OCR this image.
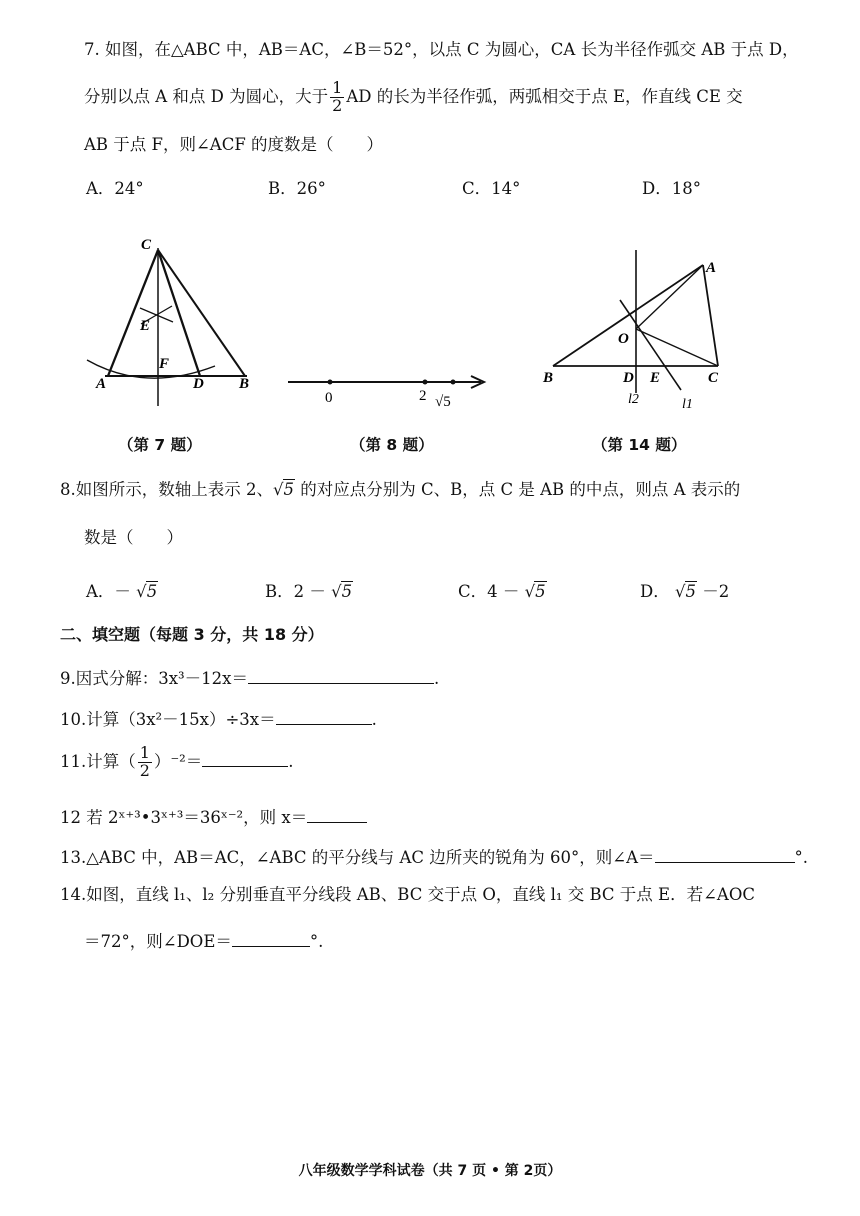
7. 如图，在△ABC 中，AB＝AC，∠B＝52°，以点 C 为圆心，CA 长为半径作弧交 AB 于点 D，
分别以点 A 和点 D 为圆心，大于 $\frac{1}{2}$ AD 的长为半径作弧，两弧相交于点 E，作直线 CE 交
AB 于点 F，则∠ACF 的度数是（　　）
A．24°	B．26°	C．14°	D．18°
C
E
F
A	D B
0	2 √5
A
O
B	D E	C
l2	l1
（第 7 题）	（第 8 题）	（第 14 题）
8.如图所示，数轴上表示 2、√5 的对应点分别为 C、B，点 C 是 AB 的中点，则点 A 表示的
数是（　　）
A．－ √5	B．2 － √5	C．4 － √5	D． √5 －2
二、填空题（每题 3 分，共 18 分）
9.因式分解：3x³－12x＝	.
10.计算（3x²－15x）÷3x＝	.
11.计算（ $\frac{1}{2} )^{-2}=$	.
12 若 2ˣ⁺³•3ˣ⁺³＝36ˣ⁻²，则 x＝
13.△ABC 中，AB＝AC，∠ABC 的平分线与 AC 边所夹的锐角为 60°，则∠A＝	°.
14.如图，直线 l₁、l₂ 分别垂直平分线段 AB、BC 交于点 O，直线 l₁ 交 BC 于点 E．若∠AOC
＝72°，则∠DOE＝	°.
八年级数学学科试卷（共 7 页 • 第 2页）
